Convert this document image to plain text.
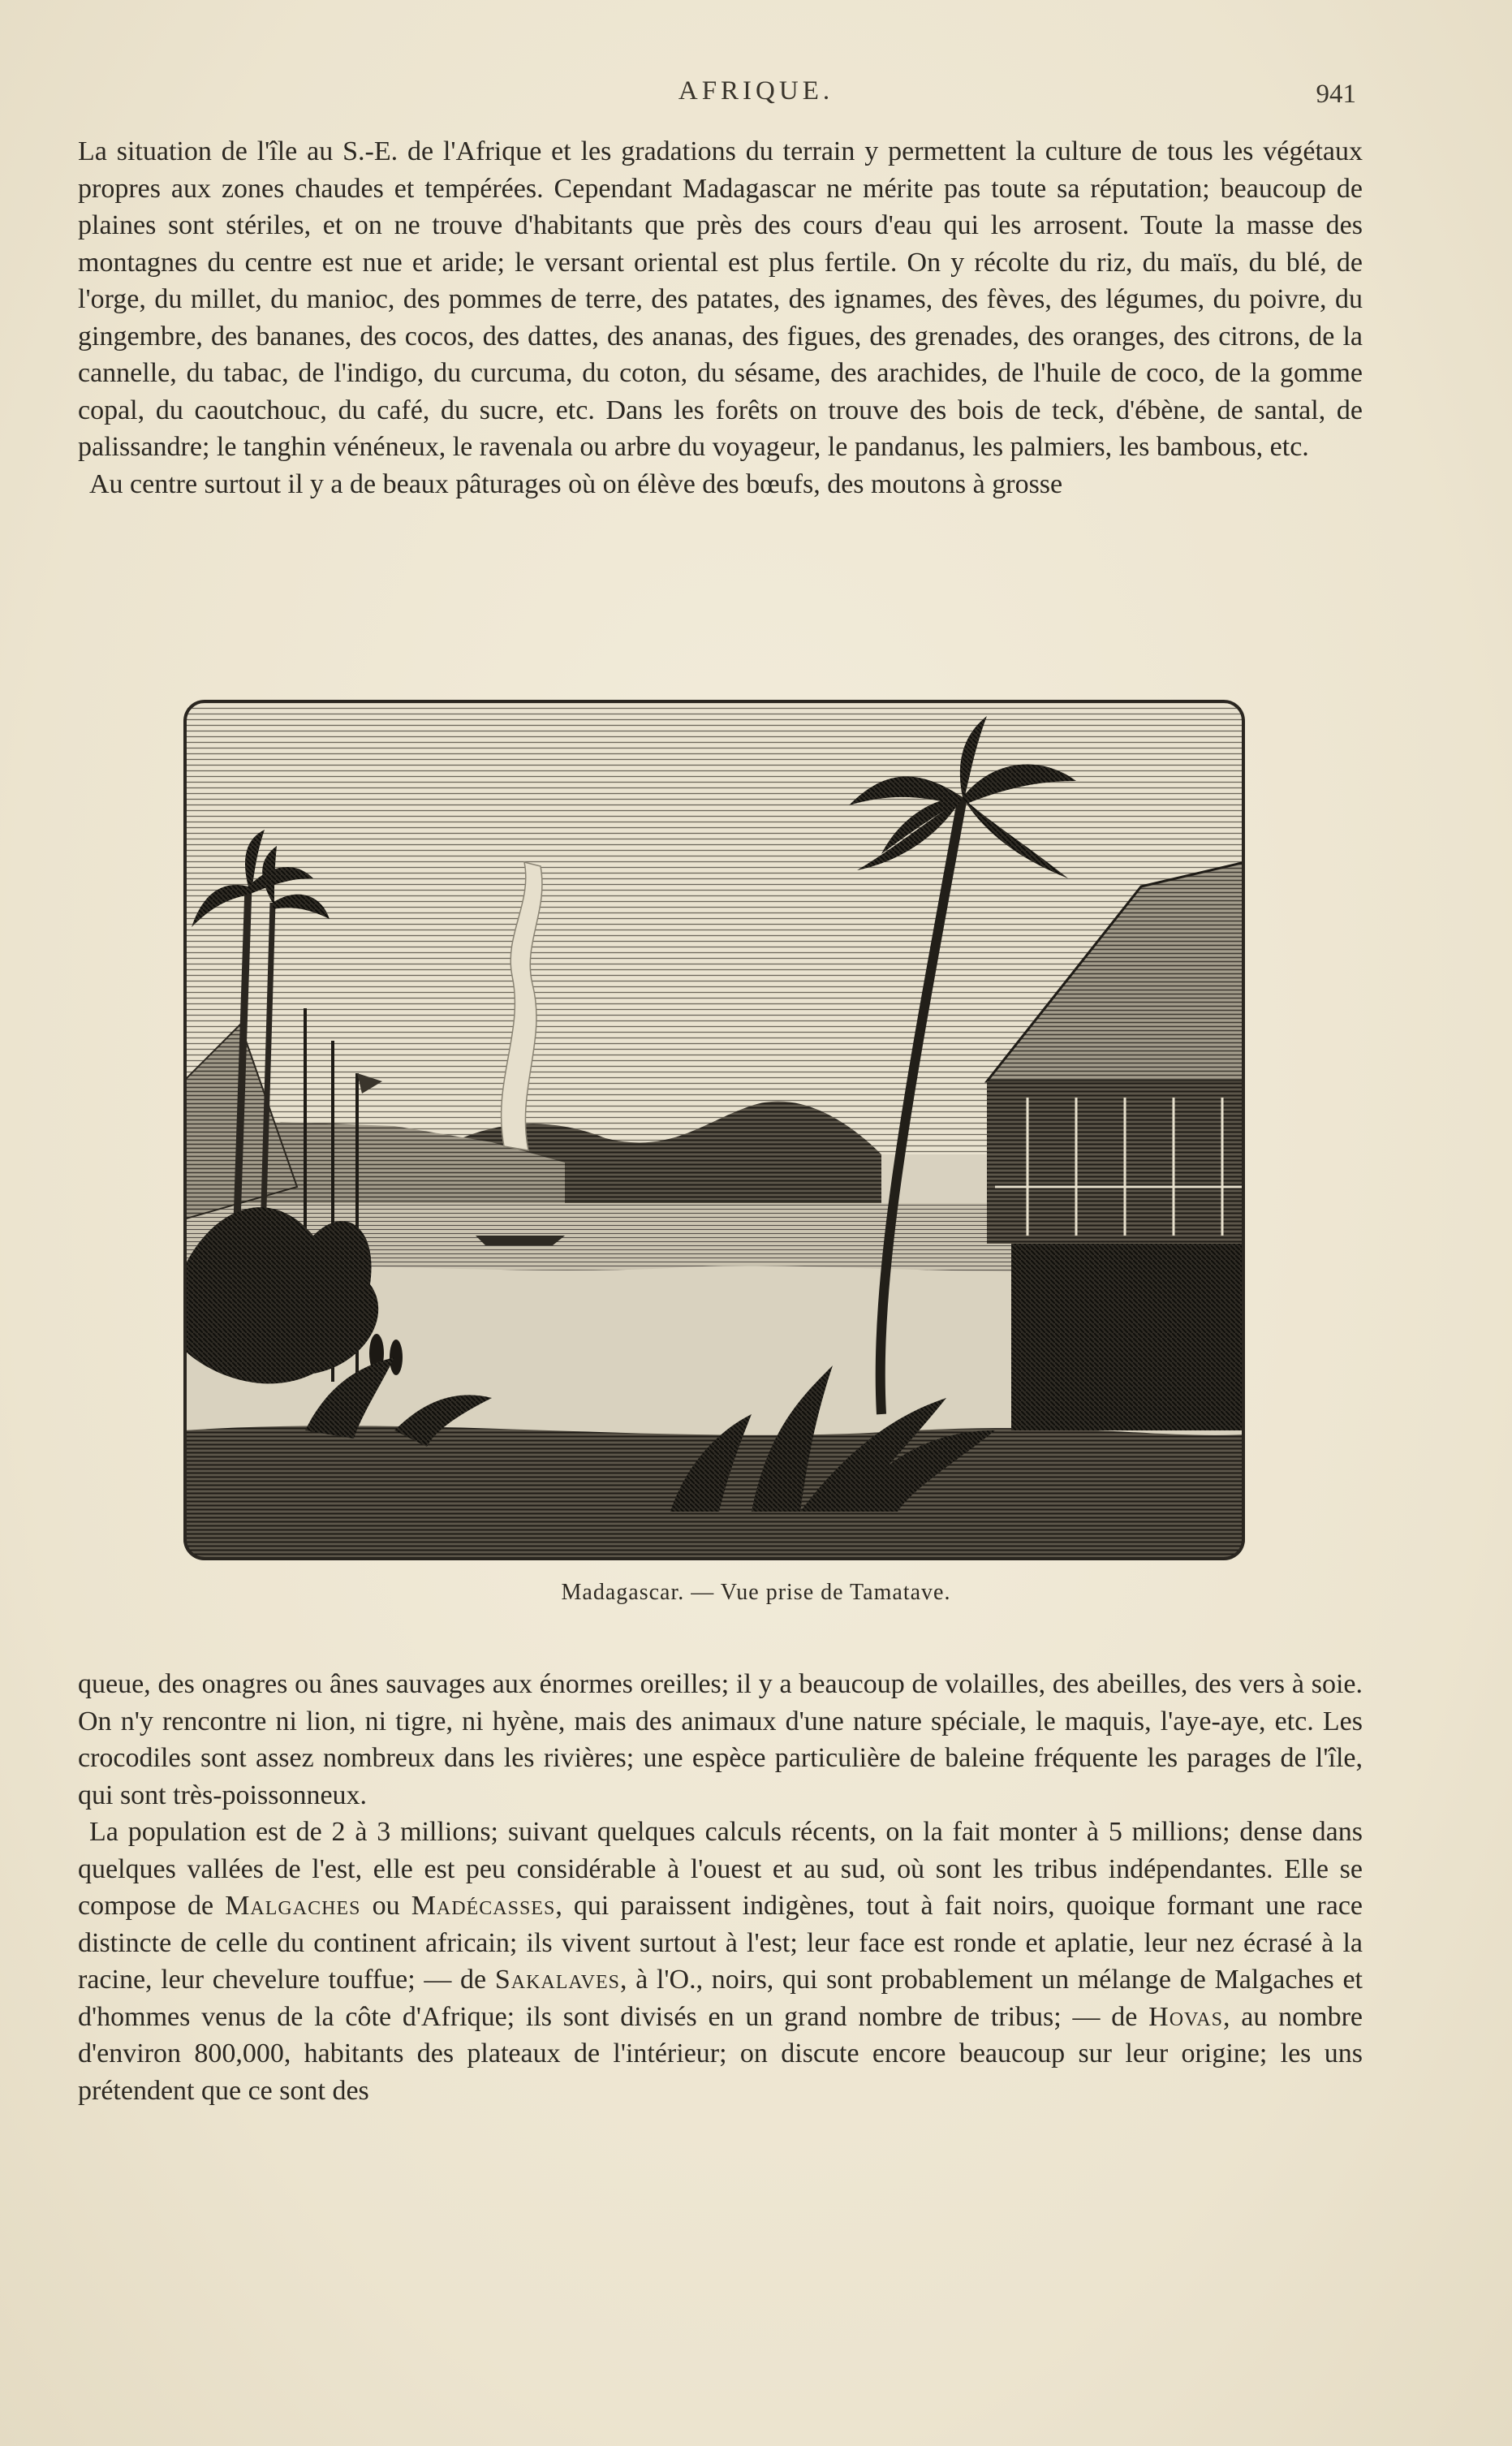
AFRIQUE.	941

La situation de l'île au S.-E. de l'Afrique et les gradations du terrain y permettent la culture de tous les végétaux propres aux zones chaudes et tempérées. Cependant Madagascar ne mérite pas toute sa réputation; beaucoup de plaines sont stériles, et on ne trouve d'habitants que près des cours d'eau qui les arrosent. Toute la masse des montagnes du centre est nue et aride; le versant oriental est plus fertile. On y récolte du riz, du maïs, du blé, de l'orge, du millet, du manioc, des pommes de terre, des patates, des ignames, des fèves, des légumes, du poivre, du gingembre, des bananes, des cocos, des dattes, des ananas, des figues, des grenades, des oranges, des citrons, de la cannelle, du tabac, de l'indigo, du curcuma, du coton, du sésame, des arachides, de l'huile de coco, de la gomme copal, du caoutchouc, du café, du sucre, etc. Dans les forêts on trouve des bois de teck, d'ébène, de santal, de palissandre; le tanghin vénéneux, le ravenala ou arbre du voyageur, le pandanus, les palmiers, les bambous, etc.

Au centre surtout il y a de beaux pâturages où on élève des bœufs, des moutons à grosse

Madagascar. — Vue prise de Tamatave.

queue, des onagres ou ânes sauvages aux énormes oreilles; il y a beaucoup de volailles, des abeilles, des vers à soie. On n'y rencontre ni lion, ni tigre, ni hyène, mais des animaux d'une nature spéciale, le maquis, l'aye-aye, etc. Les crocodiles sont assez nombreux dans les rivières; une espèce particulière de baleine fréquente les parages de l'île, qui sont très-poissonneux.

La population est de 2 à 3 millions; suivant quelques calculs récents, on la fait monter à 5 millions; dense dans quelques vallées de l'est, elle est peu considérable à l'ouest et au sud, où sont les tribus indépendantes. Elle se compose de Malgaches ou Madécasses, qui paraissent indigènes, tout à fait noirs, quoique formant une race distincte de celle du continent africain; ils vivent surtout à l'est; leur face est ronde et aplatie, leur nez écrasé à la racine, leur chevelure touffue; — de Sakalaves, à l'O., noirs, qui sont probablement un mélange de Malgaches et d'hommes venus de la côte d'Afrique; ils sont divisés en un grand nombre de tribus; — de Hovas, au nombre d'environ 800,000, habitants des plateaux de l'intérieur; on discute encore beaucoup sur leur origine; les uns prétendent que ce sont des
